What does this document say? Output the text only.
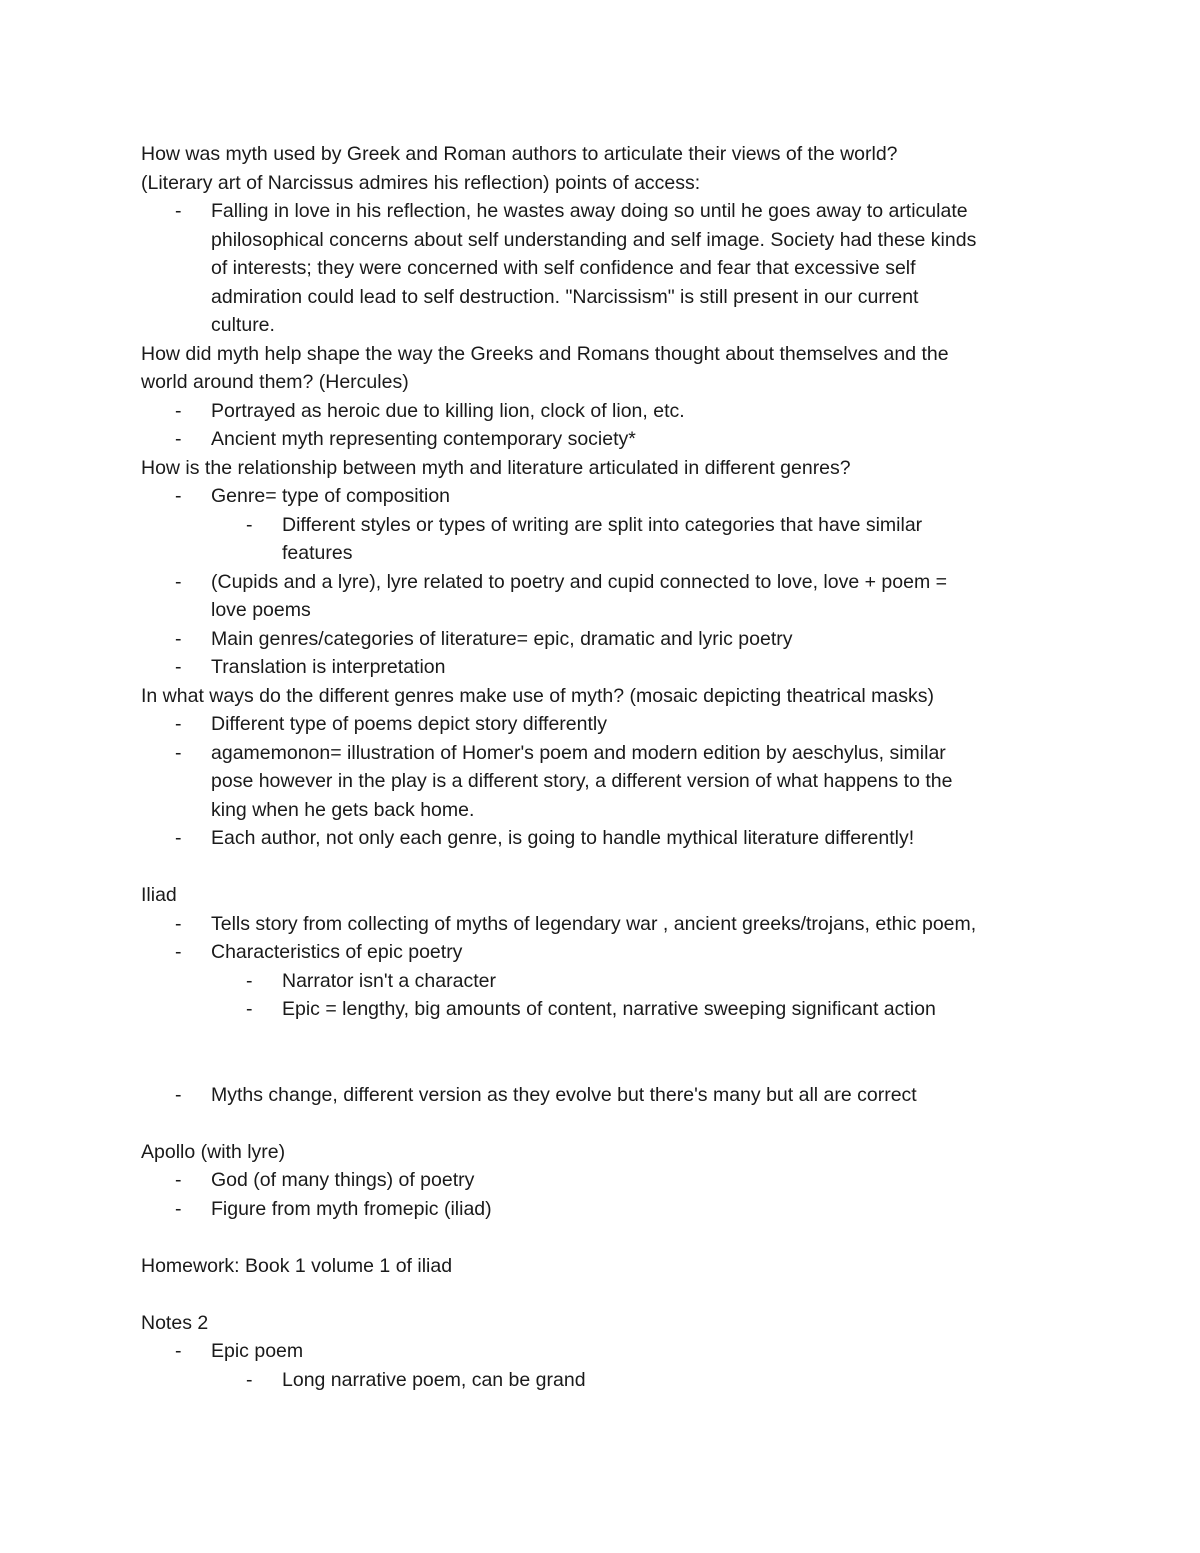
How was myth used by Greek and Roman authors to articulate their views of the world?
(Literary art of Narcissus admires his reflection) points of access:
- Falling in love in his reflection, he wastes away doing so until he goes away to articulate
philosophical concerns about self understanding and self image. Society had these kinds
of interests; they were concerned with self confidence and fear that excessive self
admiration could lead to self destruction. "Narcissism" is still present in our current
culture.
How did myth help shape the way the Greeks and Romans thought about themselves and the
world around them? (Hercules)
- Portrayed as heroic due to killing lion, clock of lion, etc.
- Ancient myth representing contemporary society*
How is the relationship between myth and literature articulated in different genres?
- Genre= type of composition
- Different styles or types of writing are split into categories that have similar
features
- (Cupids and a lyre), lyre related to poetry and cupid connected to love, love + poem =
love poems
- Main genres/categories of literature= epic, dramatic and lyric poetry
- Translation is interpretation
In what ways do the different genres make use of myth? (mosaic depicting theatrical masks)
- Different type of poems depict story differently
- agamemonon= illustration of Homer's poem and modern edition by aeschylus, similar
pose however in the play is a different story, a different version of what happens to the
king when he gets back home.
- Each author, not only each genre, is going to handle mythical literature differently!
Iliad
- Tells story from collecting of myths of legendary war , ancient greeks/trojans, ethic poem,
- Characteristics of epic poetry
- Narrator isn't a character
- Epic = lengthy, big amounts of content, narrative sweeping significant action
- Myths change, different version as they evolve but there's many but all are correct
Apollo (with lyre)
- God (of many things) of poetry
- Figure from myth fromepic (iliad)
Homework: Book 1 volume 1 of iliad
Notes 2
- Epic poem
- Long narrative poem, can be grand
